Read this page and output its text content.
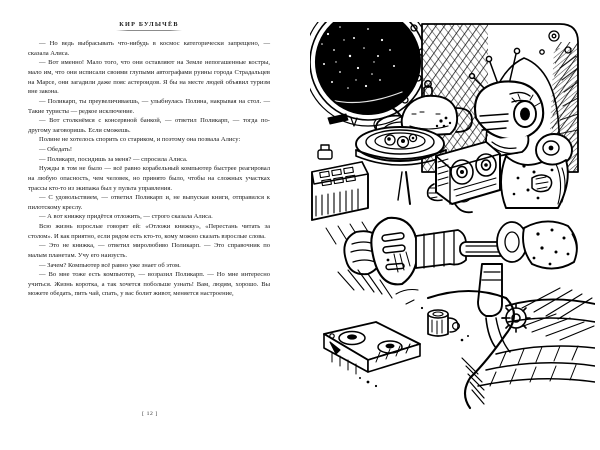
КИР БУЛЫЧЁВ

— Но ведь выбрасывать что-нибудь в космос категорически запрещено, — сказала Алиса.

— Вот именно! Мало того, что они оставляют на Земле непогашенные костры, мало им, что они исписали своими глупыми автографами руины города Страдальцев на Марсе, они загадили даже пояс астероидов. Я бы на месте людей объявил туризм вне закона.

— Поликарп, ты преувеличиваешь, — улыбнулась Полина, накрывая на стол. — Такие туристы — редкое исключение.

— Вот столкнёмся с консервной банкой, — ответил Поликарп, — тогда по-другому заговоришь. Если сможешь.

Полине не хотелось спорить со стариком, и поэтому она позвала Алису:

— Обедать!

— Поликарп, посидишь за меня? — спросила Алиса.

Нужды в том не было — всё равно корабельный компьютер быстрее реагировал на любую опасность, чем человек, но принято было, чтобы на сложных участках трассы кто-то из экипажа был у пульта управления.

— С удовольствием, — ответил Поликарп и, не выпуская книги, отправился к пилотскому креслу.

— А вот книжку придётся отложить, — строго сказала Алиса.

Всю жизнь взрослые говорят ей: «Отложи книжку», «Перестань читать за столом». И как приятно, если рядом есть кто-то, кому можно сказать взрослые слова.

— Это не книжка, — ответил миролюбиво Поликарп. — Это справочник по малым планетам. Учу его наизусть.

— Зачем? Компьютер всё равно уже знает об этом.

— Во мне тоже есть компьютер, — возразил Поликарп. — Но мне интересно учиться. Жизнь коротка, а так хочется побольше узнать! Вам, людям, хорошо. Вы можете обедать, пить чай, спать, у вас болит живот, меняется настроение,

[ 12 ]
